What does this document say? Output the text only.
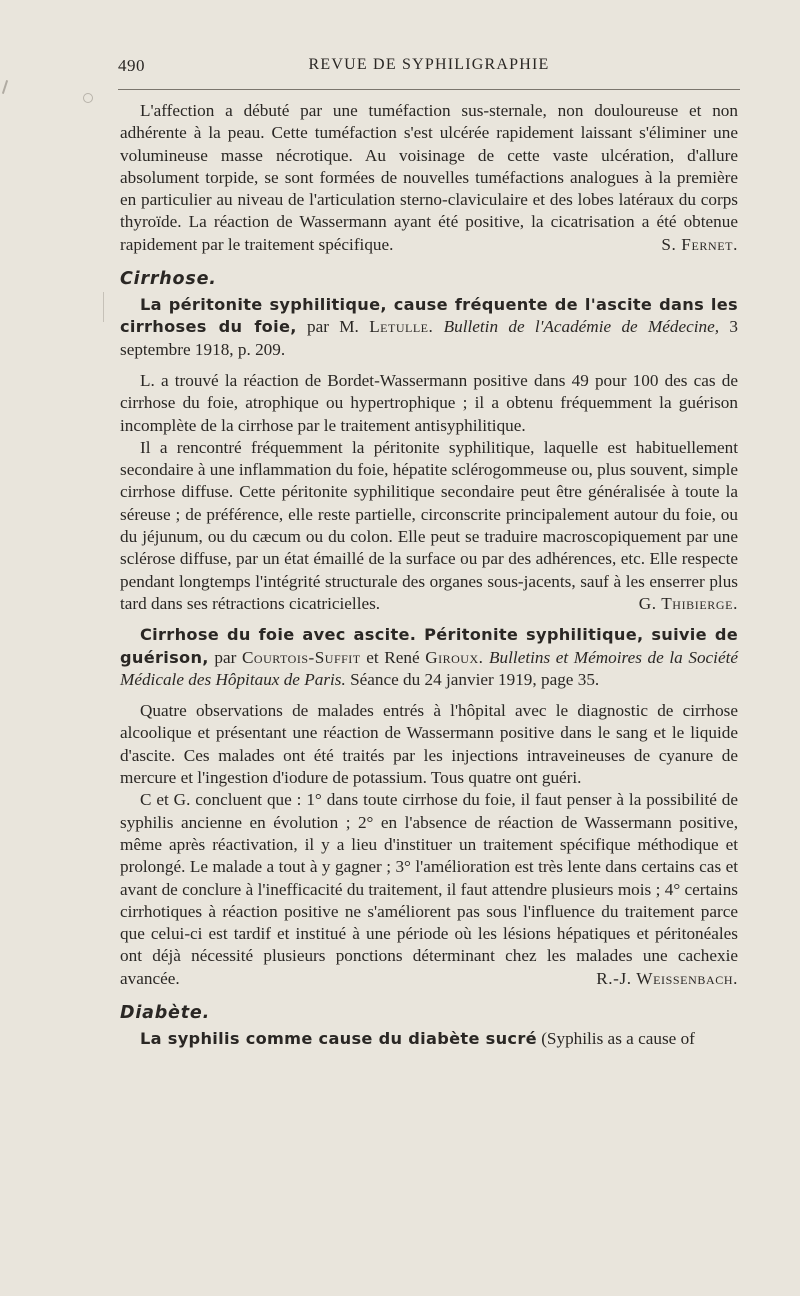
490	REVUE DE SYPHILIGRAPHIE

L'affection a débuté par une tuméfaction sus-sternale, non douloureuse et non adhérente à la peau. Cette tuméfaction s'est ulcérée rapidement laissant s'éliminer une volumineuse masse nécrotique. Au voisinage de cette vaste ulcération, d'allure absolument torpide, se sont formées de nouvelles tuméfactions analogues à la première en particulier au niveau de l'articulation sterno-claviculaire et des lobes latéraux du corps thyroïde. La réaction de Wassermann ayant été positive, la cicatrisation a été obtenue rapidement par le traitement spécifique.	S. Fernet.

Cirrhose.

La péritonite syphilitique, cause fréquente de l'ascite dans les cirrhoses du foie, par M. Letulle. Bulletin de l'Académie de Médecine, 3 septembre 1918, p. 209.

L. a trouvé la réaction de Bordet-Wassermann positive dans 49 pour 100 des cas de cirrhose du foie, atrophique ou hypertrophique ; il a obtenu fréquemment la guérison incomplète de la cirrhose par le traitement antisyphilitique.

Il a rencontré fréquemment la péritonite syphilitique, laquelle est habituellement secondaire à une inflammation du foie, hépatite sclérogommeuse ou, plus souvent, simple cirrhose diffuse. Cette péritonite syphilitique secondaire peut être généralisée à toute la séreuse ; de préférence, elle reste partielle, circonscrite principalement autour du foie, ou du jéjunum, ou du cæcum ou du colon. Elle peut se traduire macroscopiquement par une sclérose diffuse, par un état émaillé de la surface ou par des adhérences, etc. Elle respecte pendant longtemps l'intégrité structurale des organes sous-jacents, sauf à les enserrer plus tard dans ses rétractions cicatricielles.	G. Thibierge.

Cirrhose du foie avec ascite. Péritonite syphilitique, suivie de guérison, par Courtois-Suffit et René Giroux. Bulletins et Mémoires de la Société Médicale des Hôpitaux de Paris. Séance du 24 janvier 1919, page 35.

Quatre observations de malades entrés à l'hôpital avec le diagnostic de cirrhose alcoolique et présentant une réaction de Wassermann positive dans le sang et le liquide d'ascite. Ces malades ont été traités par les injections intraveineuses de cyanure de mercure et l'ingestion d'iodure de potassium. Tous quatre ont guéri.

C et G. concluent que : 1° dans toute cirrhose du foie, il faut penser à la possibilité de syphilis ancienne en évolution ; 2° en l'absence de réaction de Wassermann positive, même après réactivation, il y a lieu d'instituer un traitement spécifique méthodique et prolongé. Le malade a tout à y gagner ; 3° l'amélioration est très lente dans certains cas et avant de conclure à l'inefficacité du traitement, il faut attendre plusieurs mois ; 4° certains cirrhotiques à réaction positive ne s'améliorent pas sous l'influence du traitement parce que celui-ci est tardif et institué à une période où les lésions hépatiques et péritonéales ont déjà nécessité plusieurs ponctions déterminant chez les malades une cachexie avancée.	R.-J. Weissenbach.

Diabète.

La syphilis comme cause du diabète sucré (Syphilis as a cause of
